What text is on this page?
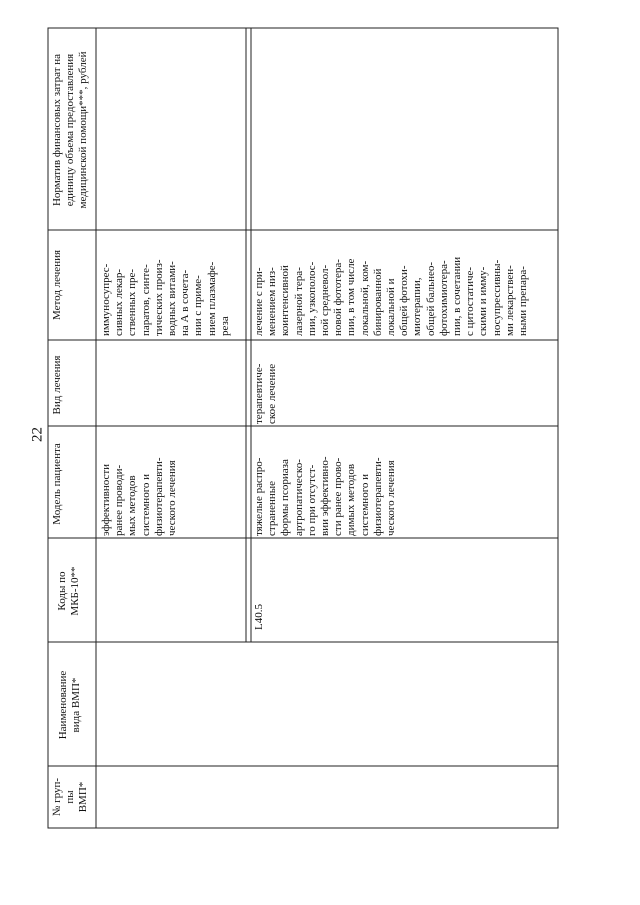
22
№ груп-
пы
ВМП*
Наименование
вида ВМП*
Коды по
МКБ-10**
Модель пациента
Вид лечения
Метод лечения
Норматив финансовых затрат на
единицу объема предоставления
медицинской помощи***, рублей
эффективности
ранее проводи-
мых методов
системного и
физиотерапевти-
ческого лечения
иммуносупрес-
сивных лекар-
ственных пре-
паратов, синте-
тических произ-
водных витами-
на А в сочета-
нии с приме-
нием плазмафе-
реза
L40.5
тяжелые распро-
страненные
формы псориаза
артропатическо-
го при отсутст-
вии эффективно-
сти ранее прово-
димых методов
системного и
физиотерапевти-
ческого лечения
терапевтиче-
ское лечение
лечение с при-
менением низ-
коинтенсивной
лазерной тера-
пии, узкополос-
ной средневол-
новой фототера-
пии, в том числе
локальной, ком-
бинированной
локальной и
общей фотохи-
миотерапии,
общей бальнео-
фотохимиотера-
пии, в сочетании
с цитостатиче-
скими и имму-
носупрессивны-
ми лекарствен-
ными препара-
